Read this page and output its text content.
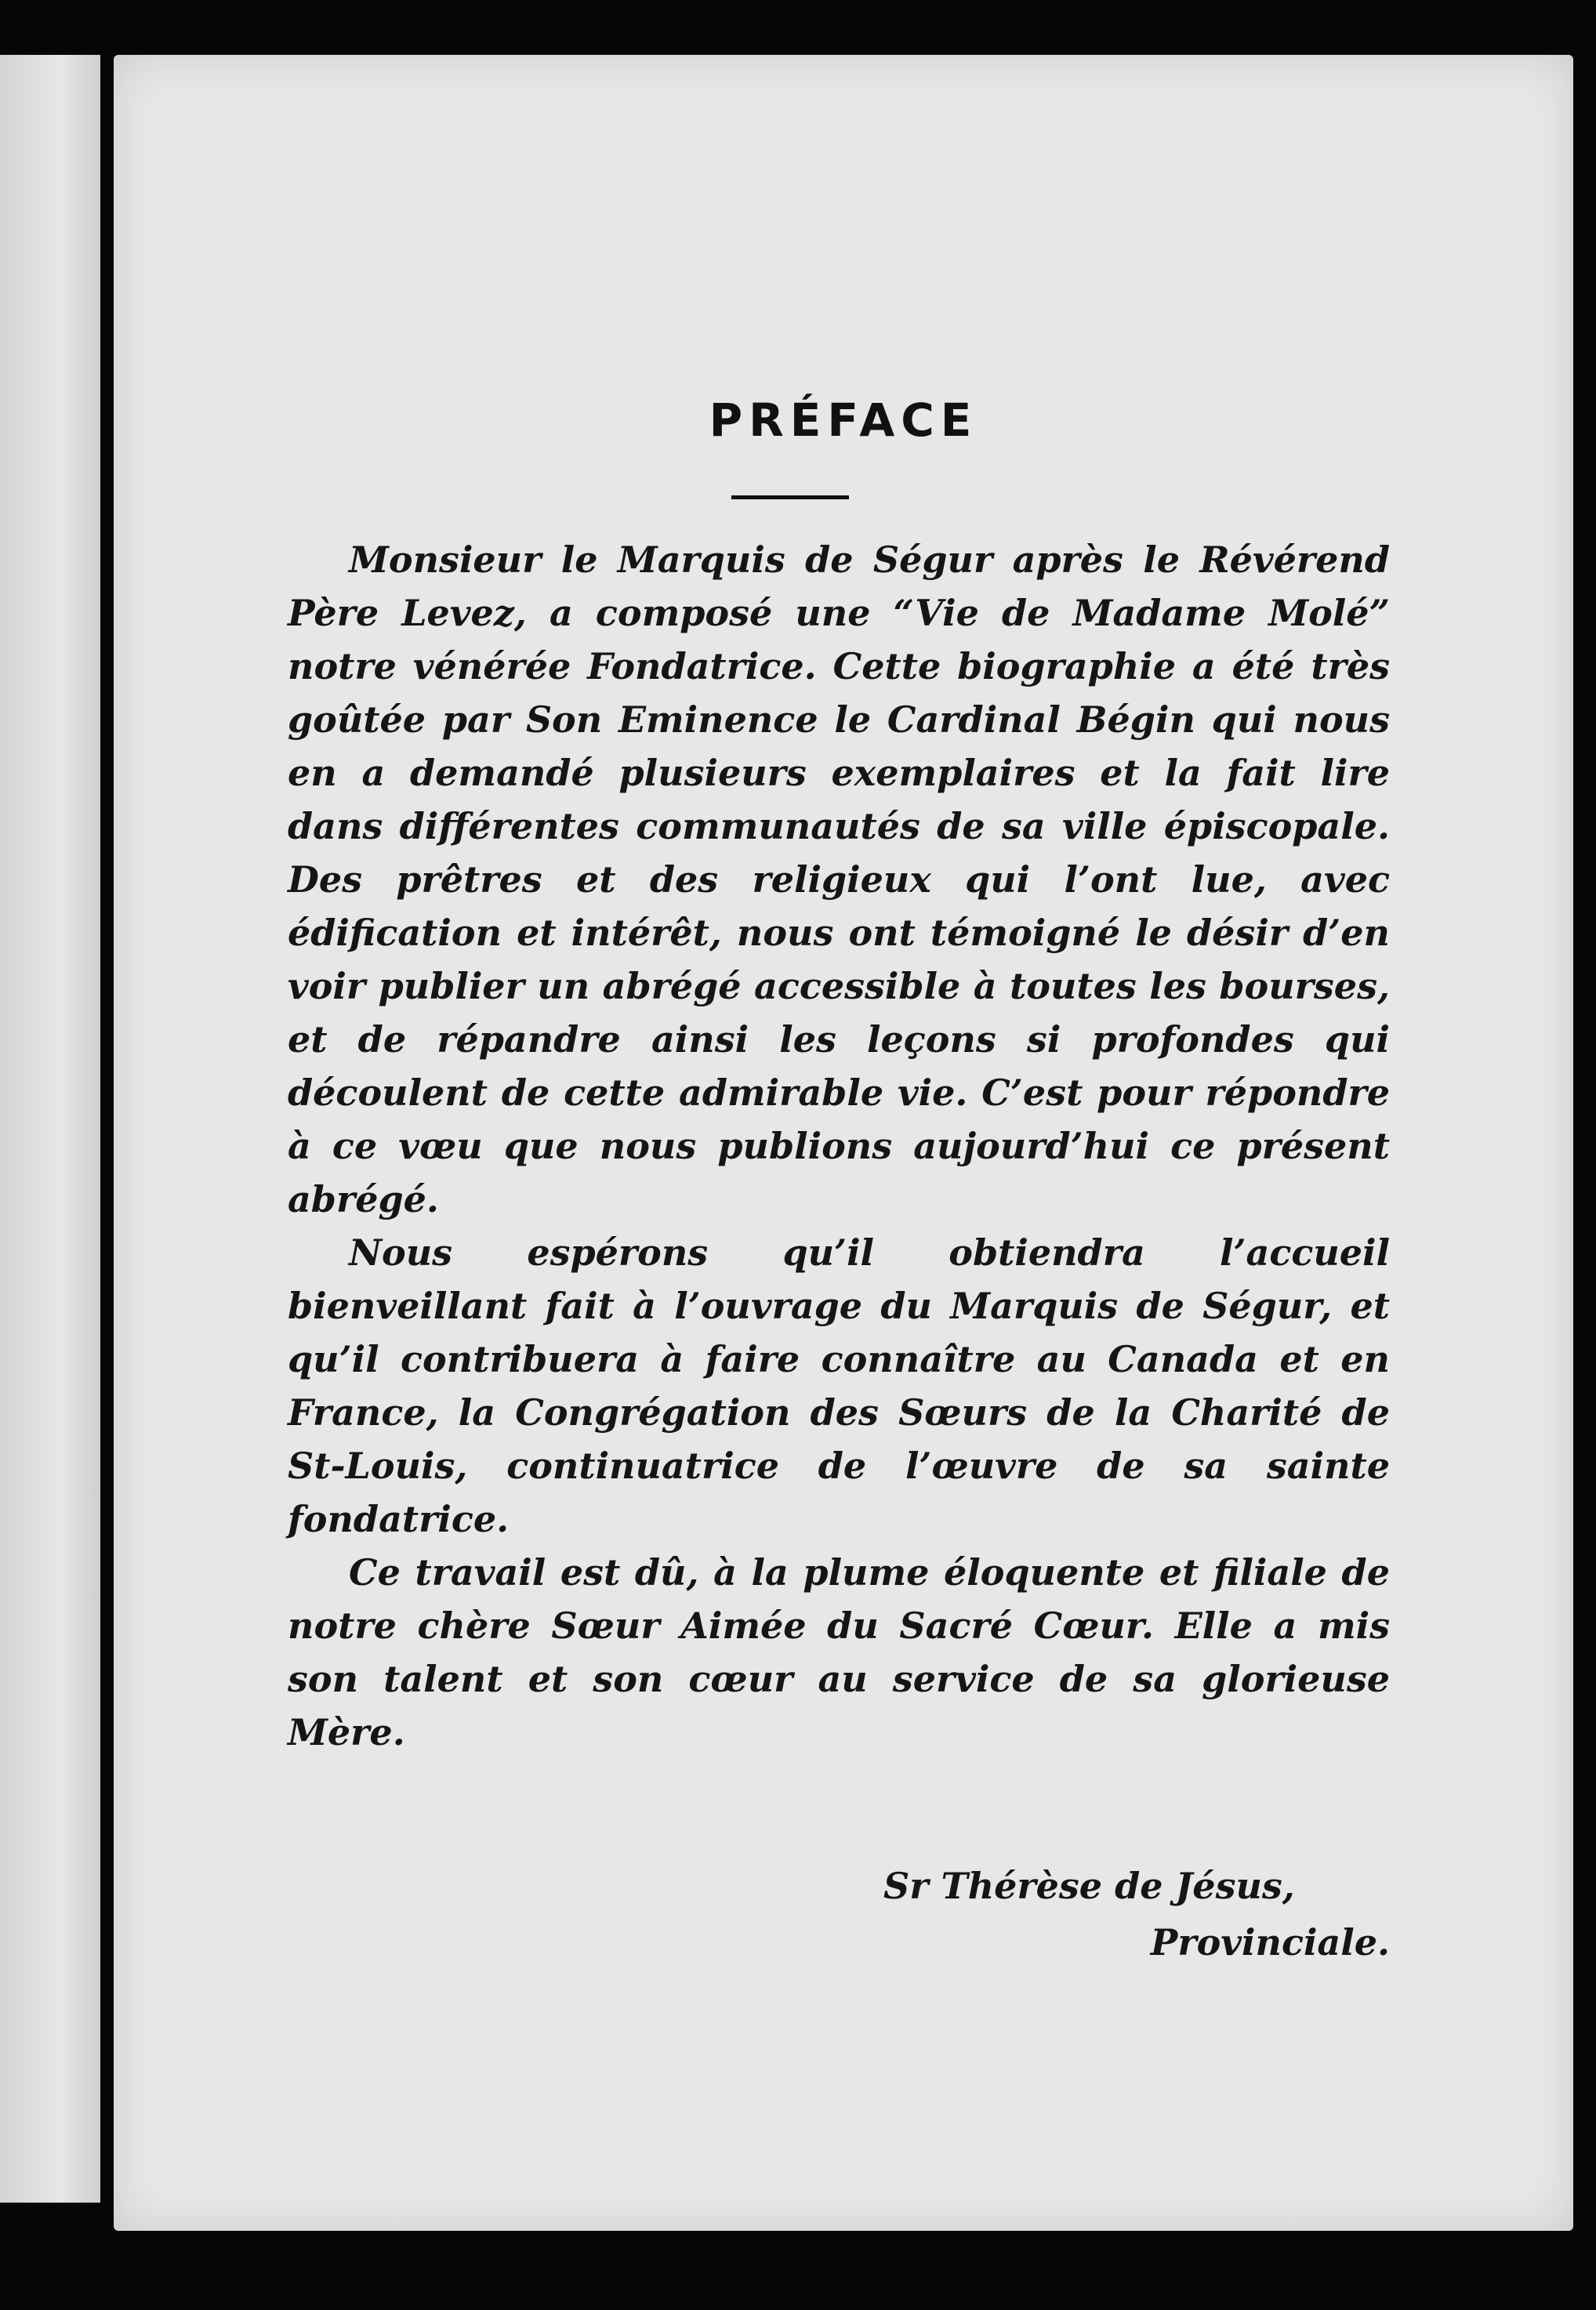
PRÉFACE

Monsieur le Marquis de Ségur après le Révérend Père Levez, a composé une “Vie de Madame Molé” notre vénérée Fondatrice. Cette biographie a été très goûtée par Son Eminence le Cardinal Bégin qui nous en a demandé plusieurs exemplaires et la fait lire dans différentes communautés de sa ville épiscopale. Des prêtres et des religieux qui l’ont lue, avec édification et intérêt, nous ont témoigné le désir d’en voir publier un abrégé accessible à toutes les bourses, et de répandre ainsi les leçons si profondes qui découlent de cette admirable vie. C’est pour répondre à ce vœu que nous publions aujourd’hui ce présent abrégé.

Nous espérons qu’il obtiendra l’accueil bienveillant fait à l’ouvrage du Marquis de Ségur, et qu’il contribuera à faire connaître au Canada et en France, la Congrégation des Sœurs de la Charité de St-Louis, continuatrice de l’œuvre de sa sainte fondatrice.

Ce travail est dû, à la plume éloquente et filiale de notre chère Sœur Aimée du Sacré Cœur. Elle a mis son talent et son cœur au service de sa glorieuse Mère.

Sr Thérèse de Jésus,
Provinciale.
